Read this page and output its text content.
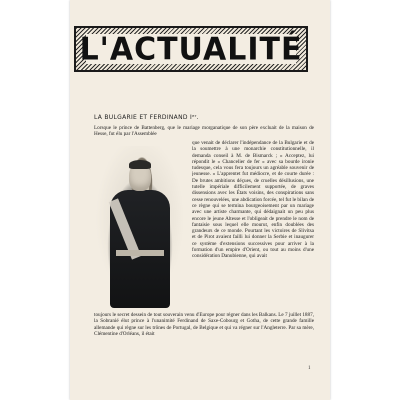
L'ACTUALITÉ
LA BULGARIE ET FERDINAND Iᵉʳ.
Lorsque le prince de Battenberg, que le mariage morganatique de son père excluait de la maison de Hesse, fut élu par l'Assemblée
que venait de déclarer l'indépendance de la Bulgarie et de la soumettre à une monarchie constitutionnelle, il demanda conseil à M. de Bismarck ; « Acceptez, lui répondit le « Chancelier de fer » avec sa bourde ironie tudesque, cela vous fera toujours un agréable souvenir de jeunesse. » L'apprentet fut médiocre, et de courte durée : De brutes ambitions déçues, de cruelles désillusions, une tutelle impériale difficilement supportée, de graves dissensions avec les États voisins, des conspirations sans cesse renouvelées, une abdication forcée, tel fut le bilan de ce règne qui se termina bourgeoisement par un mariage avec une artiste charmante, qui dédaignait un peu plus encore le jeune Altesse et l'obligeait de prendre le nom de fantaisie sous lequel elle mourut, enfin doublées des grandeurs de ce monde. Pourtant les victoires de Slivitsa et de Pirot avaient failli lui donner la Serbie et inaugurer ce système d'extensions successives pour arriver à la formation d'un empire d'Orient, ou tout au moins d'une considération Danubienne, qui avait
toujours le secret dessein de tout souverain venu d'Europe pour régner dans les Balkans. Le 7 juillet 1887, la Sobranié élut prince à l'unanimité Ferdinand de Saxe-Cobourg et Gotha, de cette grande famille allemande qui règne sur les trônes de Portugal, de Belgique et qui va régner sur l'Angleterre. Par sa mère, Clémentine d'Orléans, il était
1
